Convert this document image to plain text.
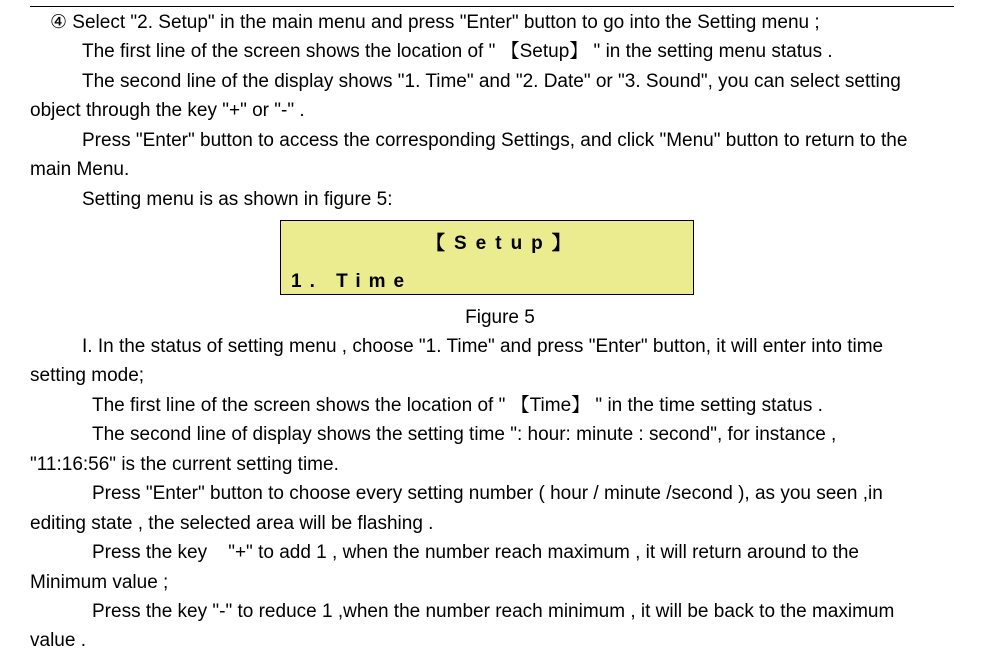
④ Select "2. Setup" in the main menu and press "Enter" button to go into the Setting menu ;
The first line of the screen shows the location of " 【Setup】 " in the setting menu status .
The second line of the display shows "1. Time" and "2. Date" or "3. Sound", you can select setting
object through the key "+" or "-" .
Press "Enter" button to access the corresponding Settings, and click "Menu" button to return to the
main Menu.
Setting menu is as shown in figure 5:
【Setup】
1. Time
Figure 5
I. In the status of setting menu , choose "1. Time" and press "Enter" button, it will enter into time
setting mode;
The first line of the screen shows the location of " 【Time】 " in the time setting status .
The second line of display shows the setting time ": hour: minute : second", for instance ,
"11:16:56" is the current setting time.
Press "Enter" button to choose every setting number ( hour / minute /second ), as you seen ,in
editing state , the selected area will be flashing .
Press the key    "+" to add 1 , when the number reach maximum , it will return around to the
Minimum value ;
Press the key "-" to reduce 1 ,when the number reach minimum , it will be back to the maximum
value .
